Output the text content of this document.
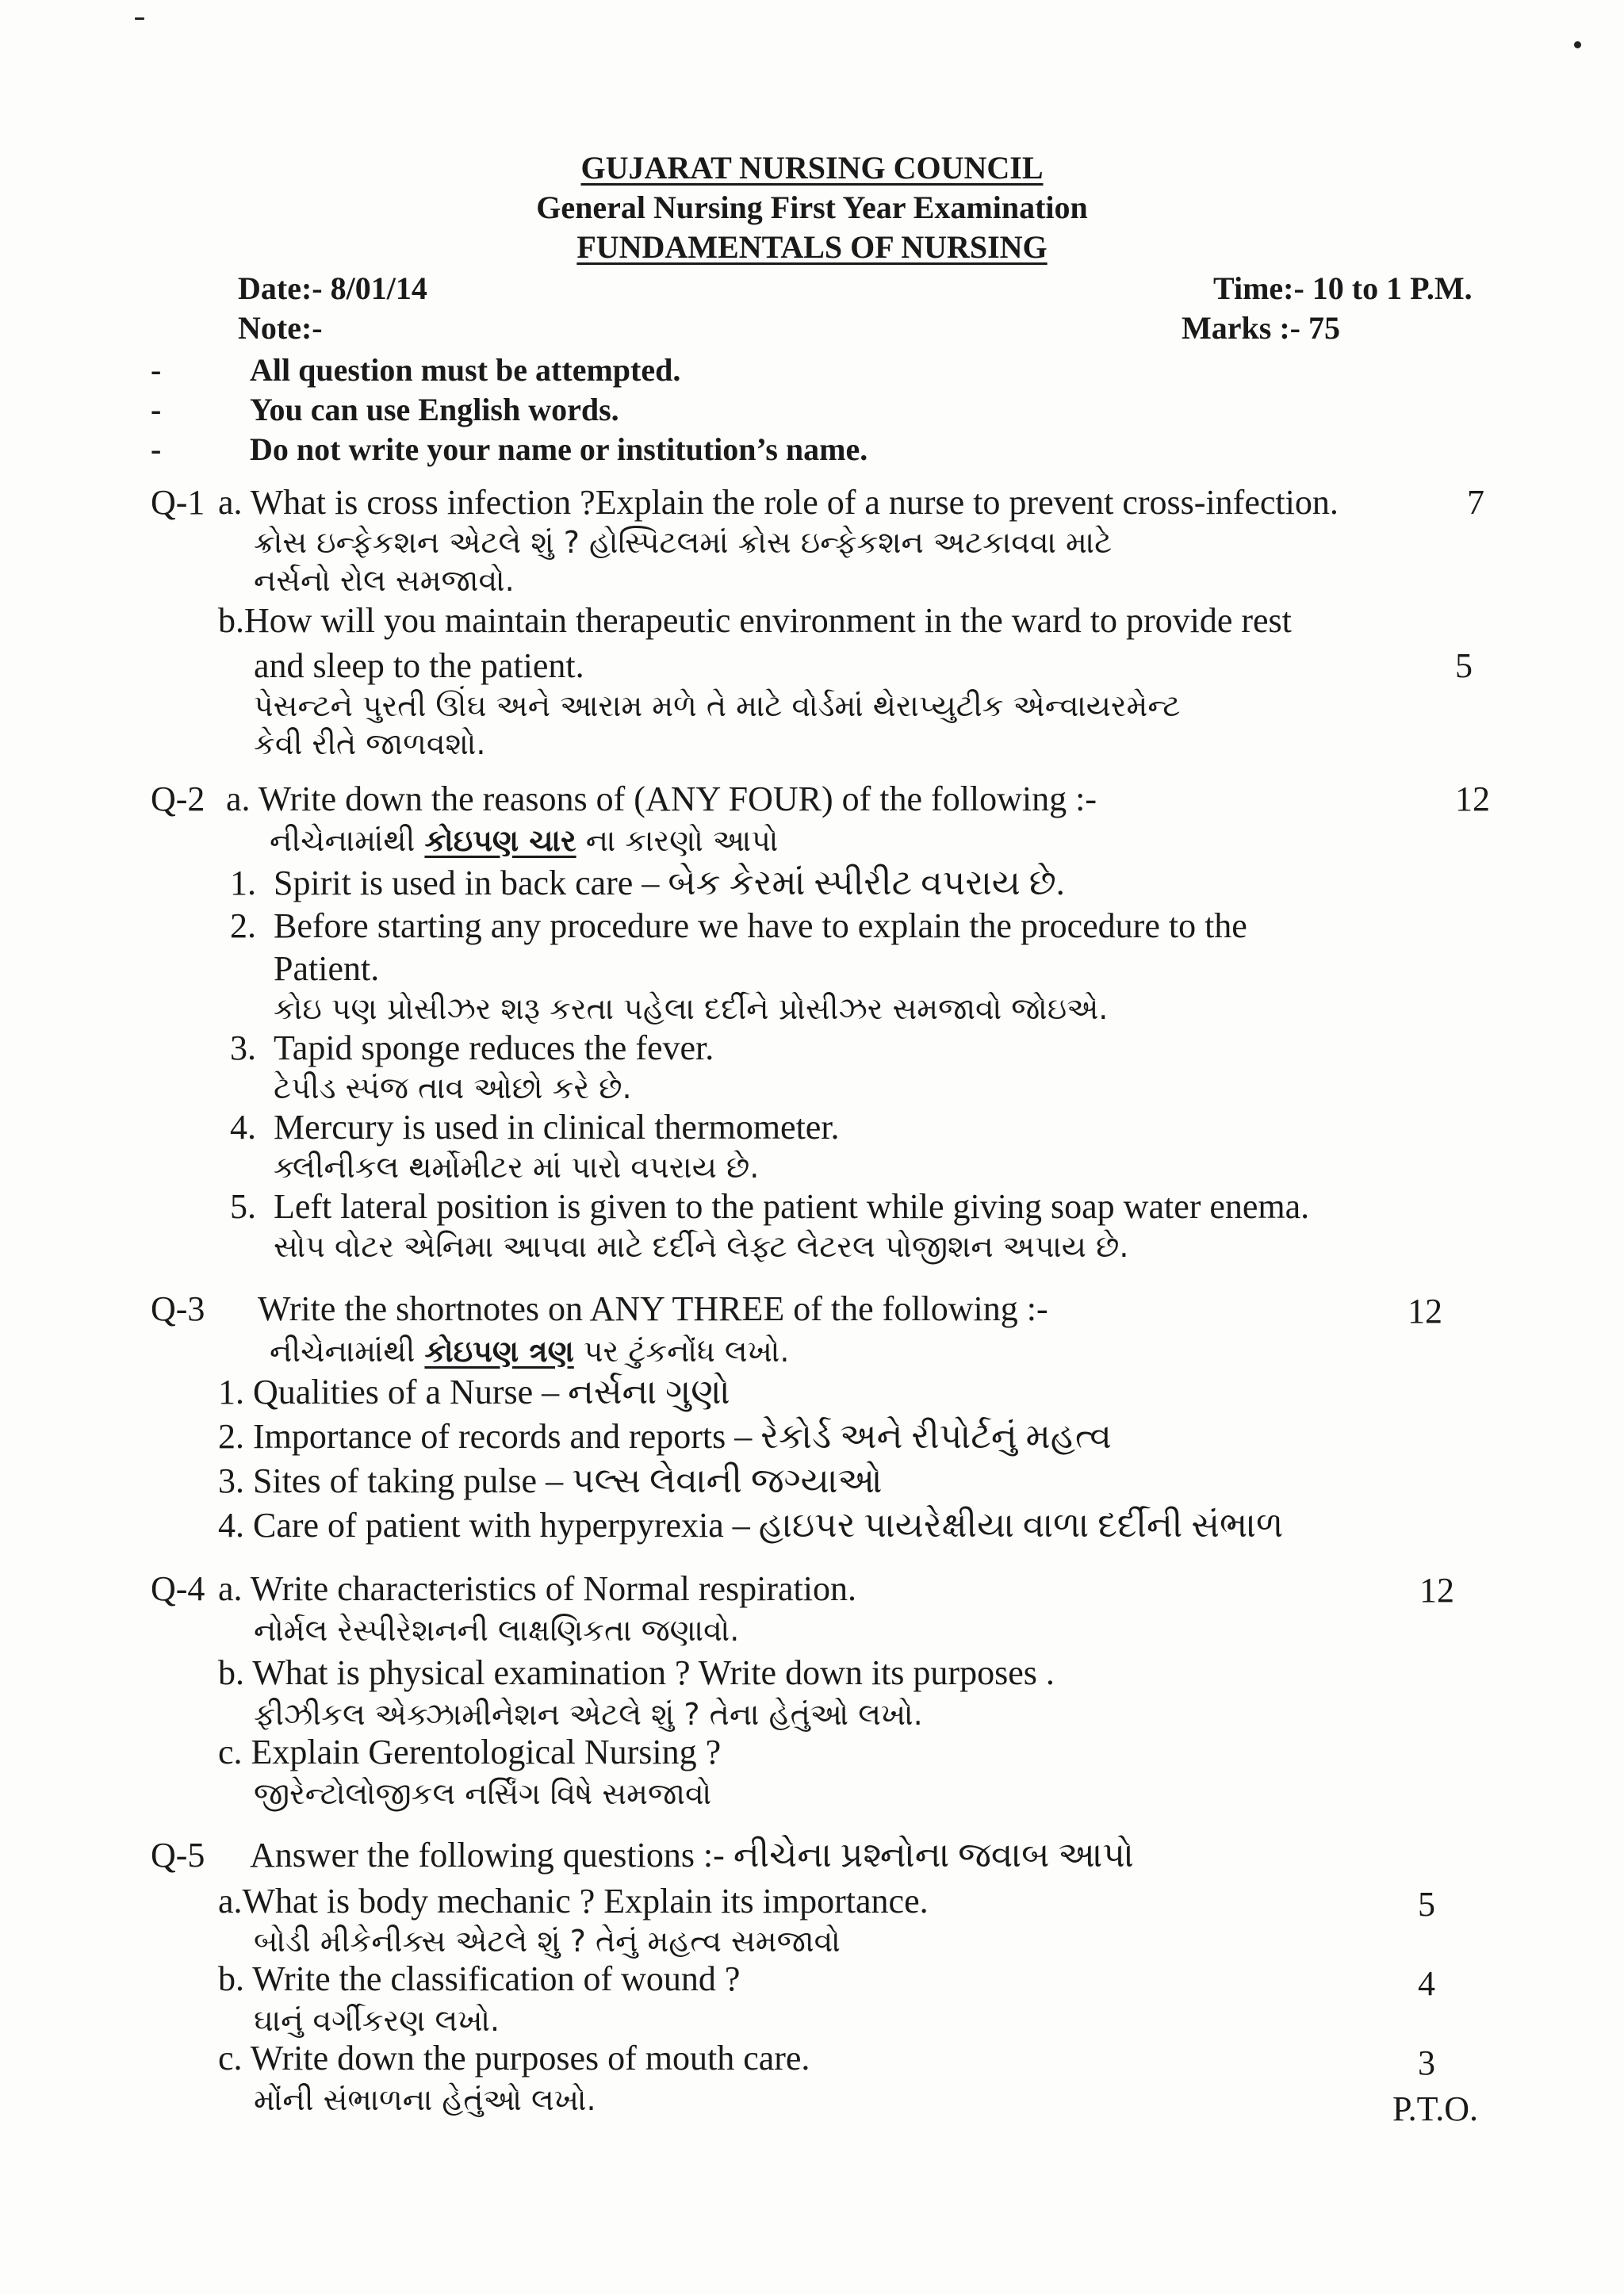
GUJARAT NURSING COUNCIL
General Nursing First Year Examination
FUNDAMENTALS OF NURSING
Date:- 8/01/14	Time:- 10 to 1 P.M.
Note:-	Marks :- 75
-	All question must be attempted.
-	You can use English words.
-	Do not write your name or institution’s name.
Q-1 a. What is cross infection ?Explain the role of a nurse to prevent cross-infection.	7
ક્રોસ ઇન્ફેકશન એટલે શું ? હોસ્પિટલમાં ક્રોસ ઇન્ફેકશન અટકાવવા માટે
નર્સનો રોલ સમજાવો.
b.How will you maintain therapeutic environment in the ward to provide rest
and sleep to the patient.	5
પેસન્ટને પુરતી ઊંઘ અને આરામ મળે તે માટે વોર્ડમાં થેરાપ્યુટીક એન્વાયરમેન્ટ
કેવી રીતે જાળવશો.
Q-2 a. Write down the reasons of (ANY FOUR) of the following :-	12
નીચેનામાંથી કોઇપણ ચાર ના કારણો આપો
1. Spirit is used in back care – બેક કેરમાં સ્પીરીટ વપરાય છે.
2. Before starting any procedure we have to explain the procedure to the
Patient.
કોઇ પણ પ્રોસીઝર શરૂ કરતા પહેલા દર્દીને પ્રોસીઝર સમજાવો જોઇએ.
3. Tapid sponge reduces the fever.
ટેપીડ સ્પંજ તાવ ઓછો કરે છે.
4. Mercury is used in clinical thermometer.
ક્લીનીકલ થર્મોમીટર માં પારો વપરાય છે.
5. Left lateral position is given to the patient while giving soap water enema.
સોપ વોટર એનિમા આપવા માટે દર્દીને લેફ્ટ લેટરલ પોજીશન અપાય છે.
Q-3 Write the shortnotes on ANY THREE of the following :-	12
નીચેનામાંથી કોઇપણ ત્રણ પર ટુંકનોંધ લખો.
1. Qualities of a Nurse – નર્સના ગુણો
2. Importance of records and reports – રેકોર્ડ અને રીપોર્ટનું મહત્વ
3. Sites of taking pulse – પલ્સ લેવાની જગ્યાઓ
4. Care of patient with hyperpyrexia – હાઇપર પાયરેક્ષીયા વાળા દર્દીની સંભાળ
Q-4 a. Write characteristics of Normal respiration.	12
નોર્મલ રેસ્પીરેશનની લાક્ષણિકતા જણાવો.
b. What is physical examination ? Write down its purposes .
ફીઝીકલ એક્ઝામીનેશન એટલે શું ? તેના હેતુંઓ લખો.
c. Explain Gerentological Nursing ?
જીરેન્ટોલોજીકલ નર્સિંગ વિષે સમજાવો
Q-5 Answer the following questions :- નીચેના પ્રશ્નોના જવાબ આપો
a.What is body mechanic ? Explain its importance.	5
બોડી મીકેનીક્સ એટલે શું ? તેનું મહત્વ સમજાવો
b. Write the classification of wound ?	4
ઘાનું વર્ગીકરણ લખો.
c. Write down the purposes of mouth care.	3
મોંની સંભાળના હેતુંઓ લખો.	P.T.O.
